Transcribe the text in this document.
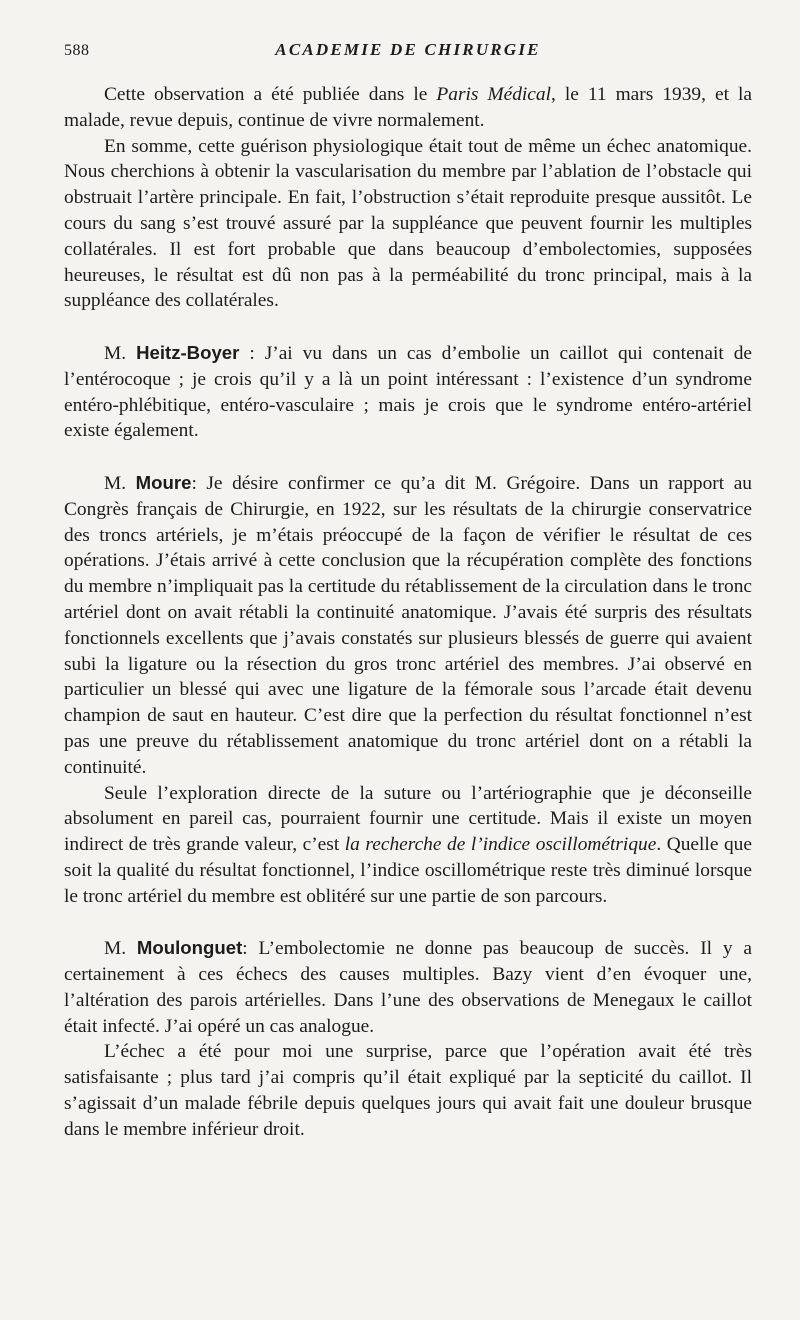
588	ACADEMIE DE CHIRURGIE

Cette observation a été publiée dans le Paris Médical, le 11 mars 1939, et la malade, revue depuis, continue de vivre normalement.

En somme, cette guérison physiologique était tout de même un échec anatomique. Nous cherchions à obtenir la vascularisation du membre par l’ablation de l’obstacle qui obstruait l’artère principale. En fait, l’obstruction s’était reproduite presque aussitôt. Le cours du sang s’est trouvé assuré par la suppléance que peuvent fournir les multiples collatérales. Il est fort probable que dans beaucoup d’embolectomies, supposées heureuses, le résultat est dû non pas à la perméabilité du tronc principal, mais à la suppléance des collatérales.

M. Heitz-Boyer : J’ai vu dans un cas d’embolie un caillot qui contenait de l’entérocoque ; je crois qu’il y a là un point intéressant : l’existence d’un syndrome entéro-phlébitique, entéro-vasculaire ; mais je crois que le syndrome entéro-artériel existe également.

M. Moure: Je désire confirmer ce qu’a dit M. Grégoire. Dans un rapport au Congrès français de Chirurgie, en 1922, sur les résultats de la chirurgie conservatrice des troncs artériels, je m’étais préoccupé de la façon de vérifier le résultat de ces opérations. J’étais arrivé à cette conclusion que la récupération complète des fonctions du membre n’impliquait pas la certitude du rétablissement de la circulation dans le tronc artériel dont on avait rétabli la continuité anatomique. J’avais été surpris des résultats fonctionnels excellents que j’avais constatés sur plusieurs blessés de guerre qui avaient subi la ligature ou la résection du gros tronc artériel des membres. J’ai observé en particulier un blessé qui avec une ligature de la fémorale sous l’arcade était devenu champion de saut en hauteur. C’est dire que la perfection du résultat fonctionnel n’est pas une preuve du rétablissement anatomique du tronc artériel dont on a rétabli la continuité.

Seule l’exploration directe de la suture ou l’artériographie que je déconseille absolument en pareil cas, pourraient fournir une certitude. Mais il existe un moyen indirect de très grande valeur, c’est la recherche de l’indice oscillométrique. Quelle que soit la qualité du résultat fonctionnel, l’indice oscillométrique reste très diminué lorsque le tronc artériel du membre est oblitéré sur une partie de son parcours.

M. Moulonguet: L’embolectomie ne donne pas beaucoup de succès. Il y a certainement à ces échecs des causes multiples. Bazy vient d’en évoquer une, l’altération des parois artérielles. Dans l’une des observations de Menegaux le caillot était infecté. J’ai opéré un cas analogue.

L’échec a été pour moi une surprise, parce que l’opération avait été très satisfaisante ; plus tard j’ai compris qu’il était expliqué par la septicité du caillot. Il s’agissait d’un malade fébrile depuis quelques jours qui avait fait une douleur brusque dans le membre inférieur droit.
